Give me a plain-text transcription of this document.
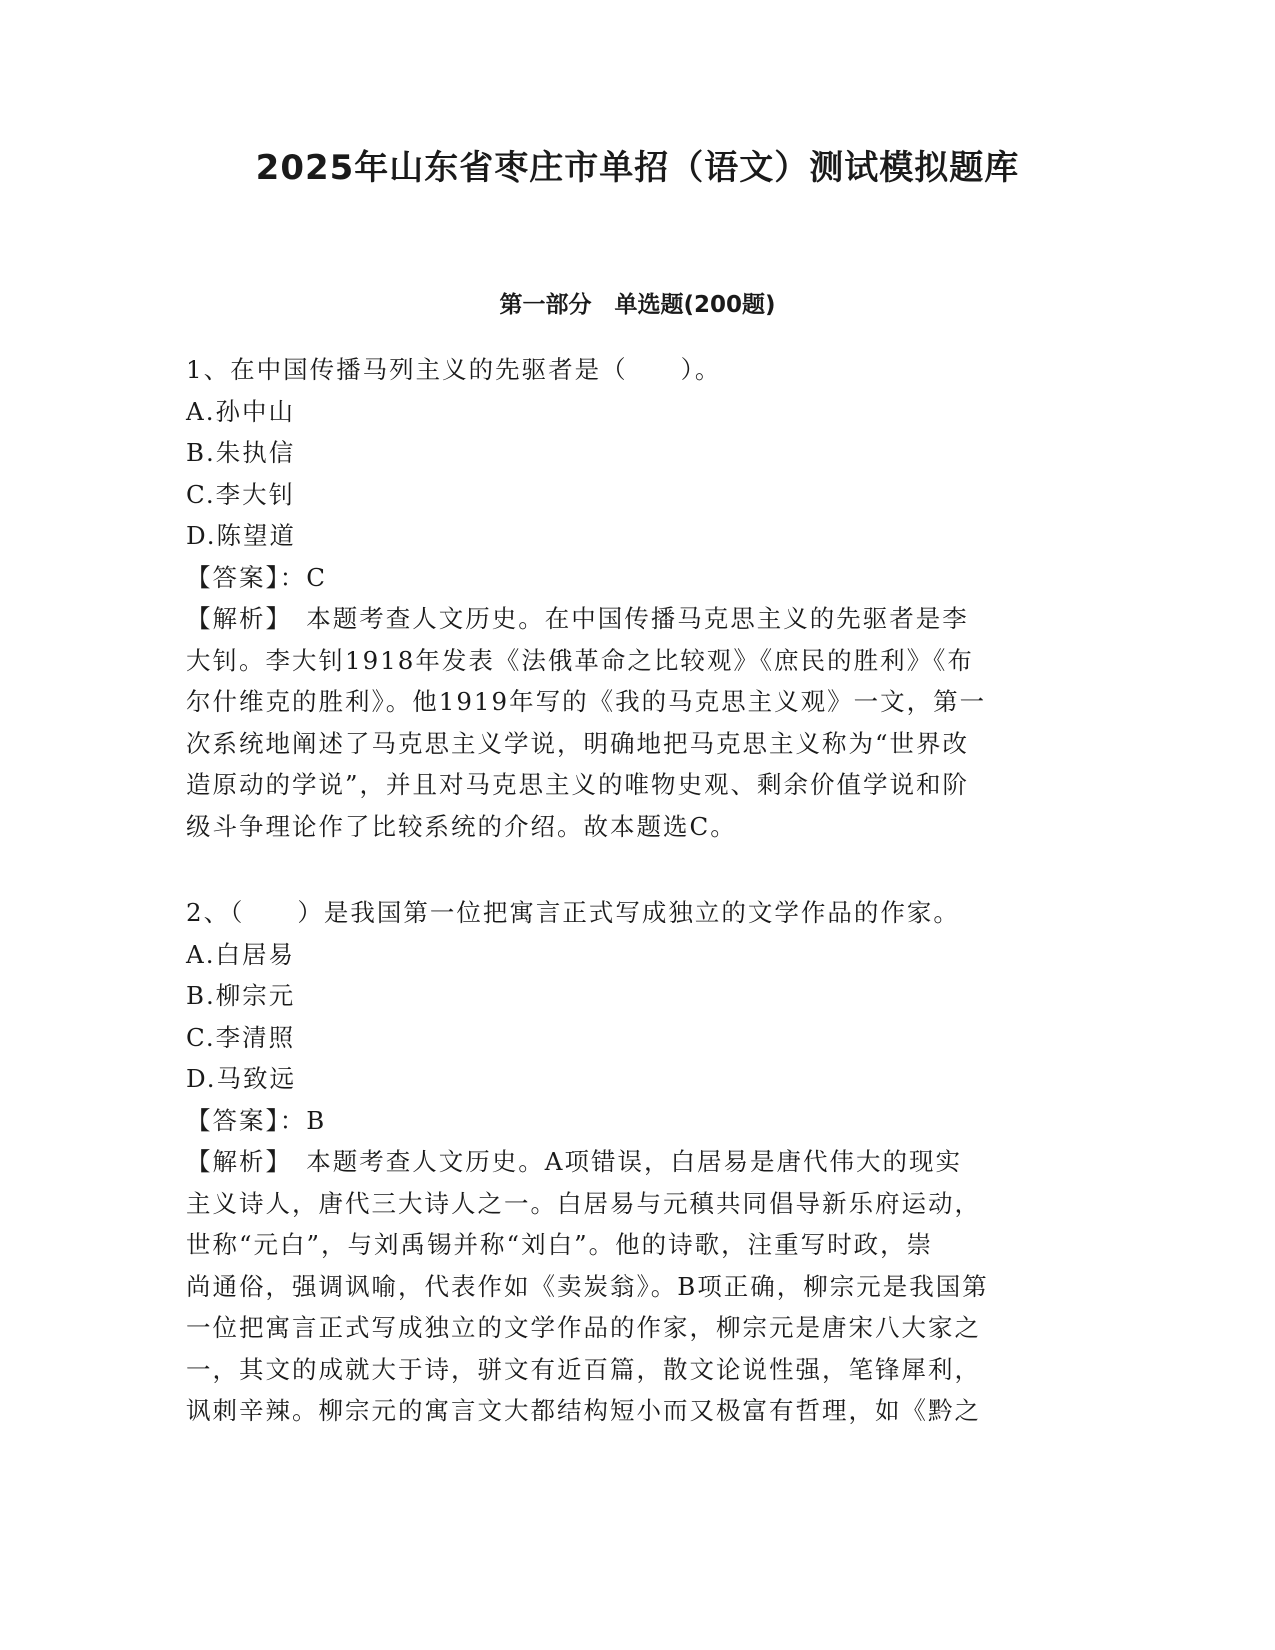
2025年山东省枣庄市单招（语文）测试模拟题库
第一部分　单选题(200题)
1、在中国传播马列主义的先驱者是（　　）。
A.孙中山
B.朱执信
C.李大钊
D.陈望道
【答案】：C
【解析】　本题考查人文历史。在中国传播马克思主义的先驱者是李
大钊。李大钊1918年发表《法俄革命之比较观》《庶民的胜利》《布
尔什维克的胜利》。他1919年写的《我的马克思主义观》一文，第一
次系统地阐述了马克思主义学说，明确地把马克思主义称为“世界改
造原动的学说”，并且对马克思主义的唯物史观、剩余价值学说和阶
级斗争理论作了比较系统的介绍。故本题选C。
2、（　　）是我国第一位把寓言正式写成独立的文学作品的作家。
A.白居易
B.柳宗元
C.李清照
D.马致远
【答案】：B
【解析】　本题考查人文历史。A项错误，白居易是唐代伟大的现实
主义诗人，唐代三大诗人之一。白居易与元稹共同倡导新乐府运动，
世称“元白”，与刘禹锡并称“刘白”。他的诗歌，注重写时政，崇
尚通俗，强调讽喻，代表作如《卖炭翁》。B项正确，柳宗元是我国第
一位把寓言正式写成独立的文学作品的作家，柳宗元是唐宋八大家之
一，其文的成就大于诗，骈文有近百篇，散文论说性强，笔锋犀利，
讽刺辛辣。柳宗元的寓言文大都结构短小而又极富有哲理，如《黔之
